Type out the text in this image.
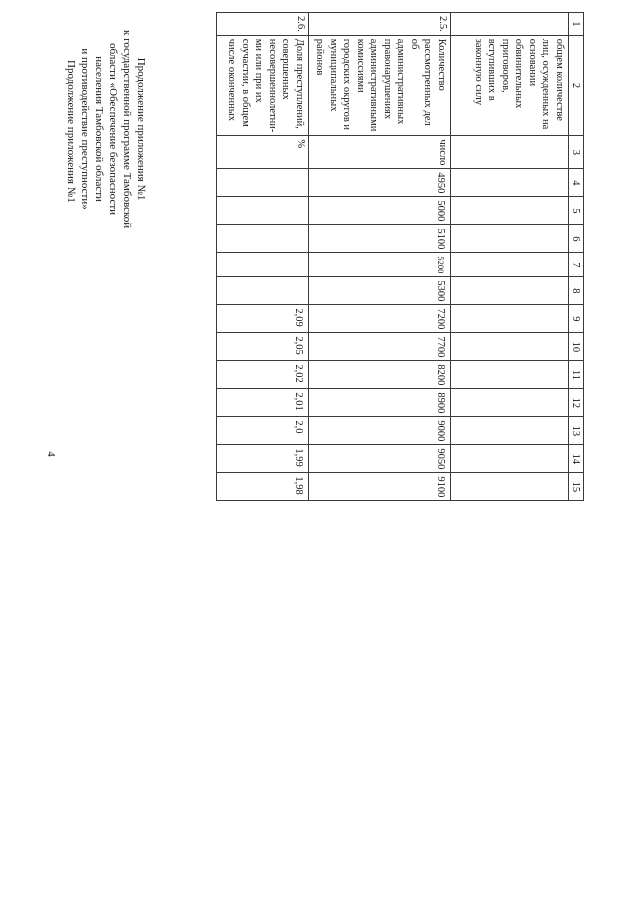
4
Продолжение приложения №1	Продолжение приложения №1
к государственной программе Тамбовской
области «Обеспечение безопасности
населения Тамбовской области
и противодействие преступности»
1	2	3	4	5	6	7	8	9	10	11	12	13	14	15
	общем количестве лиц, осужденных на основании обвинительных приговоров, вступивших в законную силу													
2.5.	Количество рассмотренных дел об административных правонарушениях административными комиссиями городских округов и муниципальных районов	число	4950	5000	5100	5200	5300	7200	7700	8200	8900	9000	9050	9100
2.6.	Доля преступлений, совершенных несовершеннолетни-ми или при их соучастии, в общем числе оконченных	%						2,09	2,05	2,02	2,01	2,0	1,99	1,98
